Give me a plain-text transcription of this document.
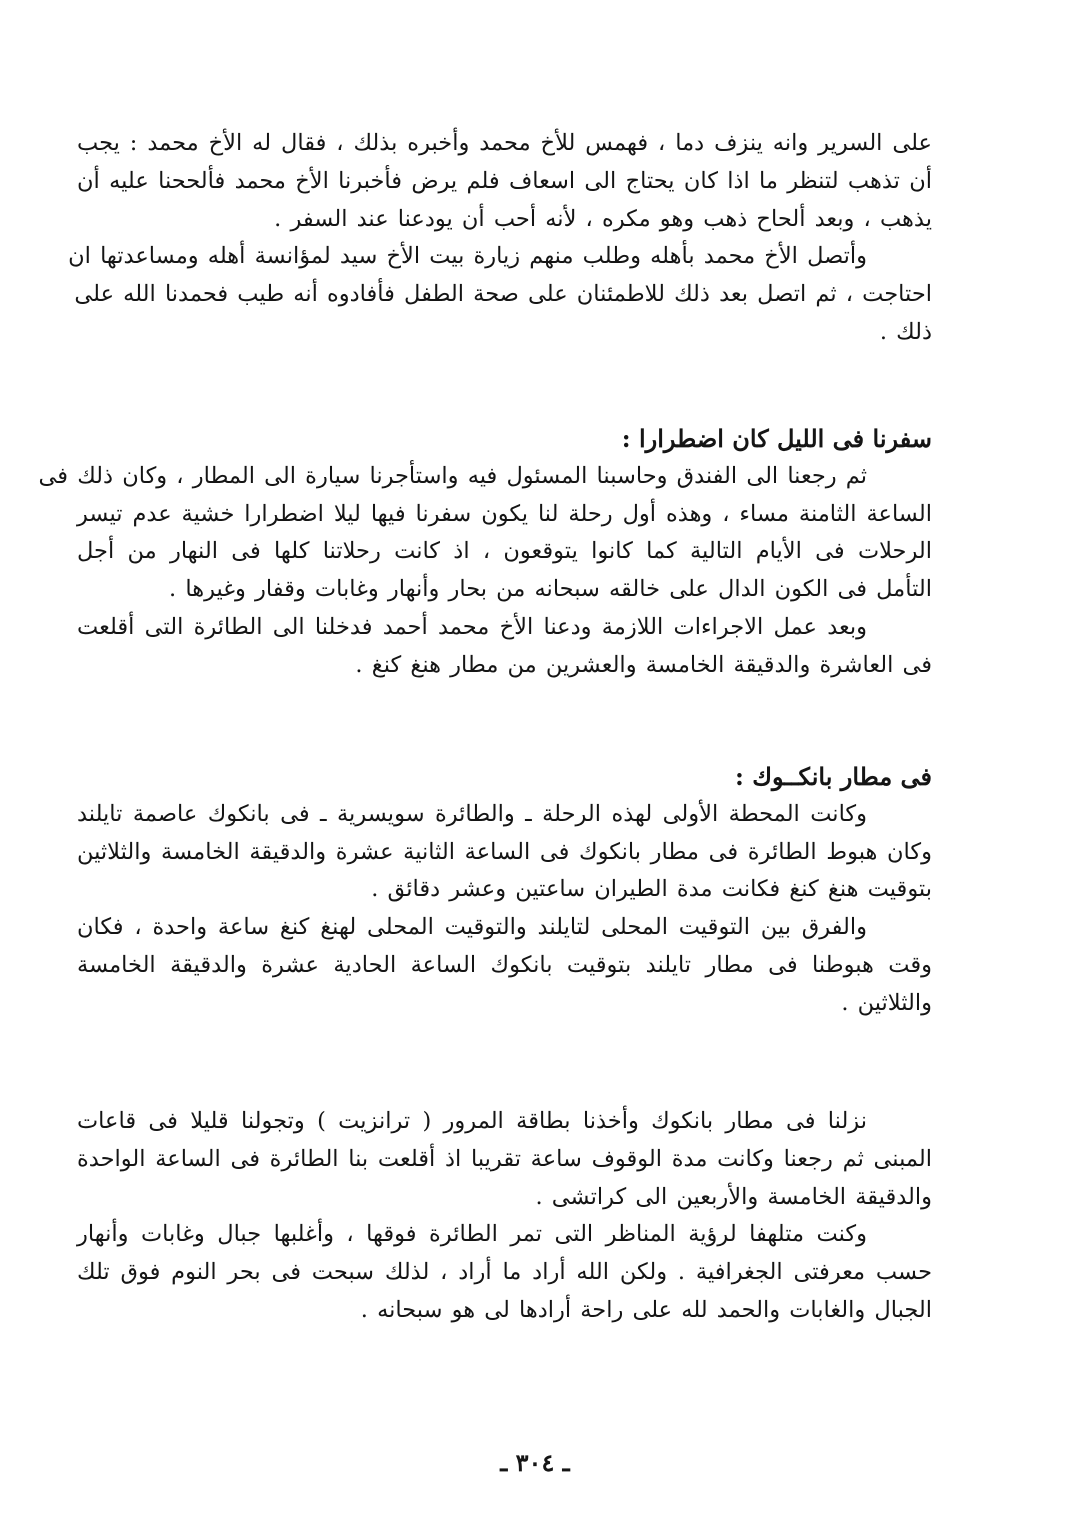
على السرير وانه ينزف دما ، فهمس للأخ محمد وأخبره بذلك ، فقال له الأخ محمد : يجب
أن تذهب لتنظر ما اذا كان يحتاج الى اسعاف فلم يرض فأخبرنا الأخ محمد فألححنا عليه أن
يذهب ، وبعد ألحاح ذهب وهو مكره ، لأنه أحب أن يودعنا عند السفر .

وأتصل الأخ محمد بأهله وطلب منهم زيارة بيت الأخ سيد لمؤانسة أهله ومساعدتها ان
احتاجت ، ثم اتصل بعد ذلك للاطمئنان على صحة الطفل فأفادوه أنه طيب فحمدنا الله على
ذلك .

سفرنا فى الليل كان اضطرارا :

ثم رجعنا الى الفندق وحاسبنا المسئول فيه واستأجرنا سيارة الى المطار ، وكان ذلك فى
الساعة الثامنة مساء ، وهذه أول رحلة لنا يكون سفرنا فيها ليلا اضطرارا خشية عدم تيسر
الرحلات فى الأيام التالية كما كانوا يتوقعون ، اذ كانت رحلاتنا كلها فى النهار من أجل
التأمل فى الكون الدال على خالقه سبحانه من بحار وأنهار وغابات وقفار وغيرها .

وبعد عمل الاجراءات اللازمة ودعنا الأخ محمد أحمد فدخلنا الى الطائرة التى أقلعت
فى العاشرة والدقيقة الخامسة والعشرين من مطار هنغ كنغ .

فى مطار بانكــوك :

وكانت المحطة الأولى لهذه الرحلة ـ والطائرة سويسرية ـ فى بانكوك عاصمة تايلند
وكان هبوط الطائرة فى مطار بانكوك فى الساعة الثانية عشرة والدقيقة الخامسة والثلاثين
بتوقيت هنغ كنغ فكانت مدة الطيران ساعتين وعشر دقائق .

والفرق بين التوقيت المحلى لتايلند والتوقيت المحلى لهنغ كنغ ساعة واحدة ، فكان
وقت هبوطنا فى مطار تايلند بتوقيت بانكوك الساعة الحادية عشرة والدقيقة الخامسة
والثلاثين .

نزلنا فى مطار بانكوك وأخذنا بطاقة المرور ( ترانزيت ) وتجولنا قليلا فى قاعات
المبنى ثم رجعنا وكانت مدة الوقوف ساعة تقريبا اذ أقلعت بنا الطائرة فى الساعة الواحدة
والدقيقة الخامسة والأربعين الى كراتشى .

وكنت متلهفا لرؤية المناظر التى تمر الطائرة فوقها ، وأغلبها جبال وغابات وأنهار
حسب معرفتى الجغرافية . ولكن الله أراد ما أراد ، لذلك سبحت فى بحر النوم فوق تلك
الجبال والغابات والحمد لله على راحة أرادها لى هو سبحانه .

ـ ٣٠٤ ـ
